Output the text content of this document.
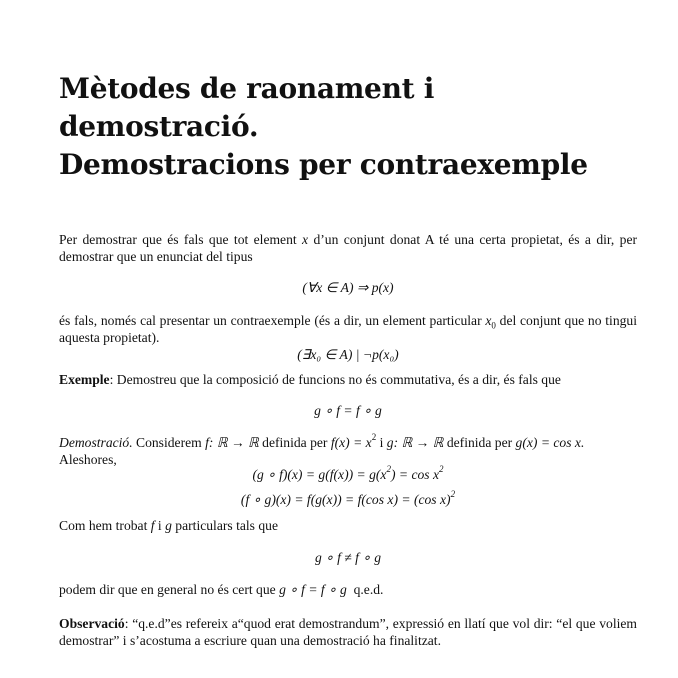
Mètodes de raonament i
demostració.
Demostracions per contraexemple

Per demostrar que és fals que tot element x d’un conjunt donat A té una certa propietat, és a dir, per demostrar que un enunciat del tipus

(∀x ∈ A) ⇒ p(x)

és fals, només cal presentar un contraexemple (és a dir, un element particular $x_0$ del conjunt que no tingui aquesta propietat).

(∃x₀ ∈ A) | ¬p(x₀)

Exemple: Demostreu que la composició de funcions no és commutativa, és a dir, és fals que

g ∘ f = f ∘ g

Demostració. Considerem f: ℝ → ℝ definida per $f(x) = x^2$ i g: ℝ → ℝ definida per g(x) = cos x.
Aleshores,

(g ∘ $f)(x) = g(f(x)) = g(x^2) = \cos x^2$
(f ∘ g)(x) = f(g(x)) = f(cos x) = (cos x)$^2$

Com hem trobat f i g particulars tals que

g ∘ f ≠ f ∘ g

podem dir que en general no és cert que g ∘ f = f ∘ g  q.e.d.

Observació: “q.e.d”es refereix a“quod erat demostrandum”, expressió en llatí que vol dir: “el que voliem demostrar” i s’acostuma a escriure quan una demostració ha finalitzat.
